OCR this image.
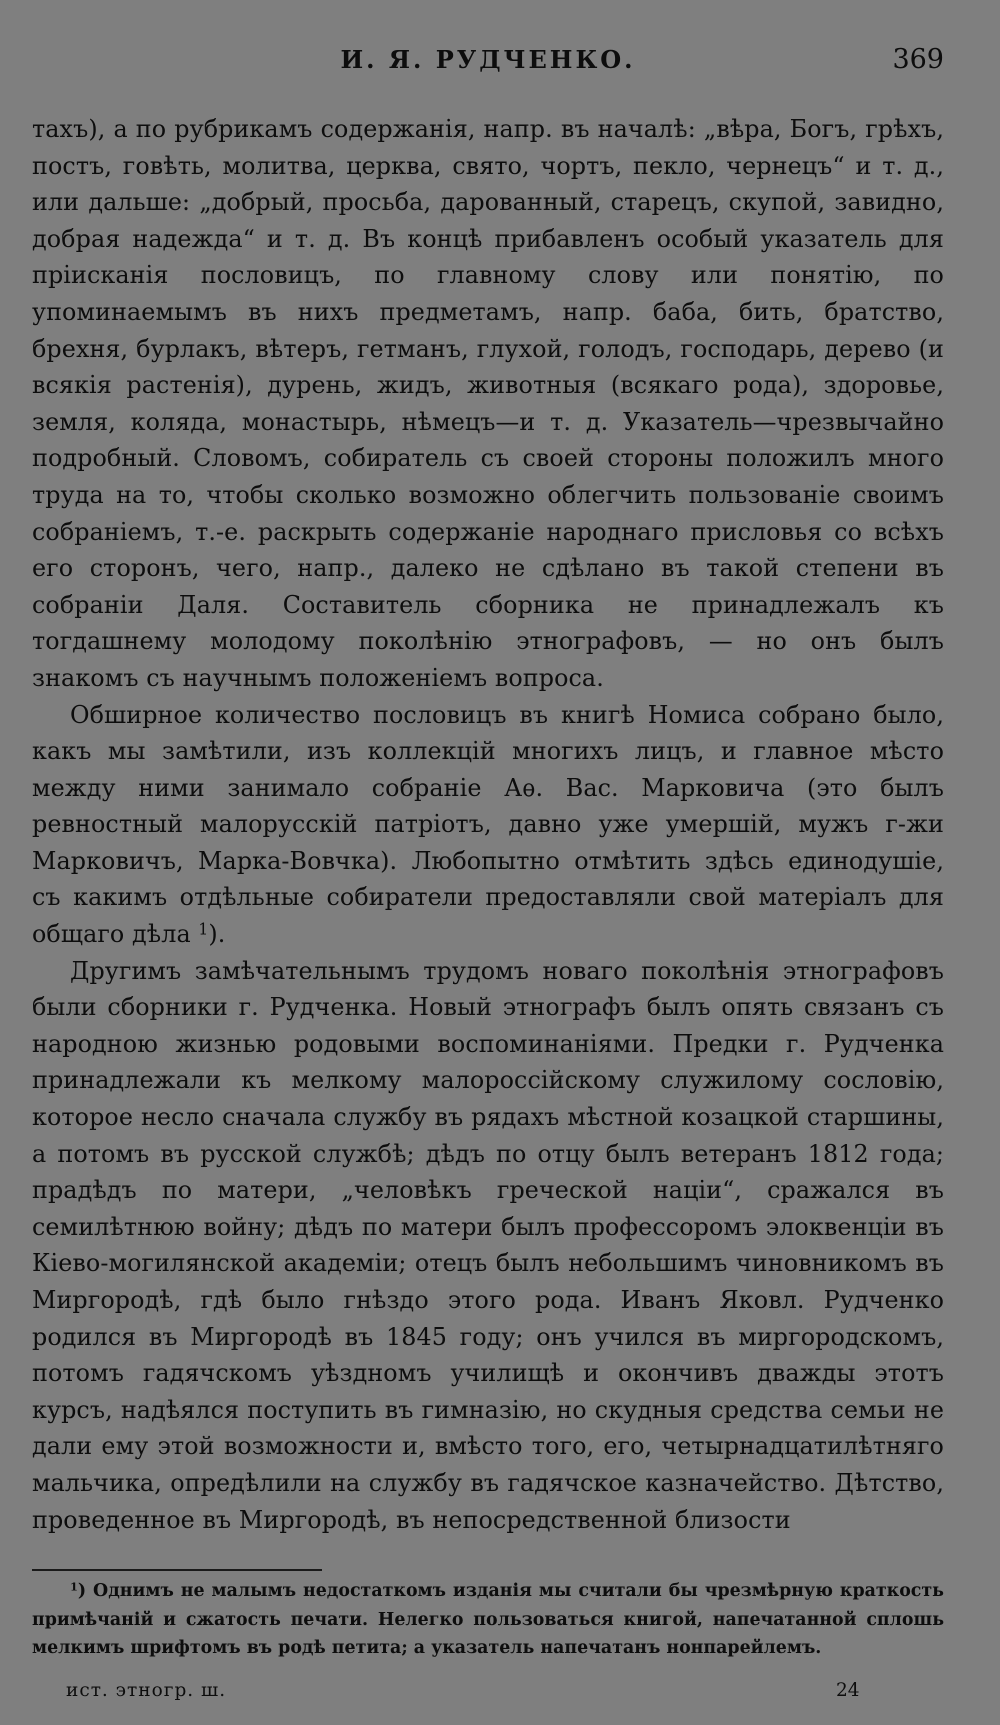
И. Я. РУДЧЕНКО.	369

тахъ), а по рубрикамъ содержанія, напр. въ началѣ: „вѣра, Богъ, грѣхъ, постъ, говѣть, молитва, церква, свято, чортъ, пекло, чернецъ“ и т. д., или дальше: „добрый, просьба, дарованный, старецъ, скупой, завидно, добрая надежда“ и т. д. Въ концѣ прибавленъ особый указатель для прiисканія пословицъ, по главному слову или понятію, по упоминаемымъ въ нихъ предметамъ, напр. баба, бить, братство, брехня, бурлакъ, вѣтеръ, гетманъ, глухой, голодъ, господарь, дерево (и всякія растенія), дурень, жидъ, животныя (всякаго рода), здоровье, земля, коляда, монастырь, нѣмецъ—и т. д. Указатель—чрезвычайно подробный. Словомъ, собиратель съ своей стороны положилъ много труда на то, чтобы сколько возможно облегчить пользованіе своимъ собраніемъ, т.-е. раскрыть содержаніе народнаго присловья со всѣхъ его сторонъ, чего, напр., далеко не сдѣлано въ такой степени въ собраніи Даля. Составитель сборника не принадлежалъ къ тогдашнему молодому поколѣнію этнографовъ, — но онъ былъ знакомъ съ научнымъ положеніемъ вопроса.

Обширное количество пословицъ въ книгѣ Номиса собрано было, какъ мы замѣтили, изъ коллекцій многихъ лицъ, и главное мѣсто между ними занимало собраніе Аѳ. Вас. Марковича (это былъ ревностный малорусскій патріотъ, давно уже умершій, мужъ г-жи Марковичъ, Марка-Вовчка). Любопытно отмѣтить здѣсь единодушіе, съ какимъ отдѣльные собиратели предоставляли свой матеріалъ для общаго дѣла $^1$).

Другимъ замѣчательнымъ трудомъ новаго поколѣнія этнографовъ были сборники г. Рудченка. Новый этнографъ былъ опять связанъ съ народною жизнью родовыми воспоминаніями. Предки г. Рудченка принадлежали къ мелкому малороссійскому служилому сословію, которое несло сначала службу въ рядахъ мѣстной козацкой старшины, а потомъ въ русской службѣ; дѣдъ по отцу былъ ветеранъ 1812 года; прадѣдъ по матери, „человѣкъ греческой націи“, сражался въ семилѣтнюю войну; дѣдъ по матери былъ профессоромъ элоквенціи въ Кіево-могилянской академіи; отецъ былъ небольшимъ чиновникомъ въ Миргородѣ, гдѣ было гнѣздо этого рода. Иванъ Яковл. Рудченко родился въ Миргородѣ въ 1845 году; онъ учился въ миргородскомъ, потомъ гадячскомъ уѣздномъ училищѣ и окончивъ дважды этотъ курсъ, надѣялся поступить въ гимназію, но скудныя средства семьи не дали ему этой возможности и, вмѣсто того, его, четырнадцатилѣтняго мальчика, опредѣлили на службу въ гадячское казначейство. Дѣтство, проведенное въ Миргородѣ, въ непосредственной близости

$^1$) Однимъ не малымъ недостаткомъ изданія мы считали бы чрезмѣрную краткость примѣчаній и сжатость печати. Нелегко пользоваться книгой, напечатанной сплошь мелкимъ шрифтомъ въ родѣ петита; а указатель напечатанъ нонпарейлемъ.
ист. этногр. ш.	24
